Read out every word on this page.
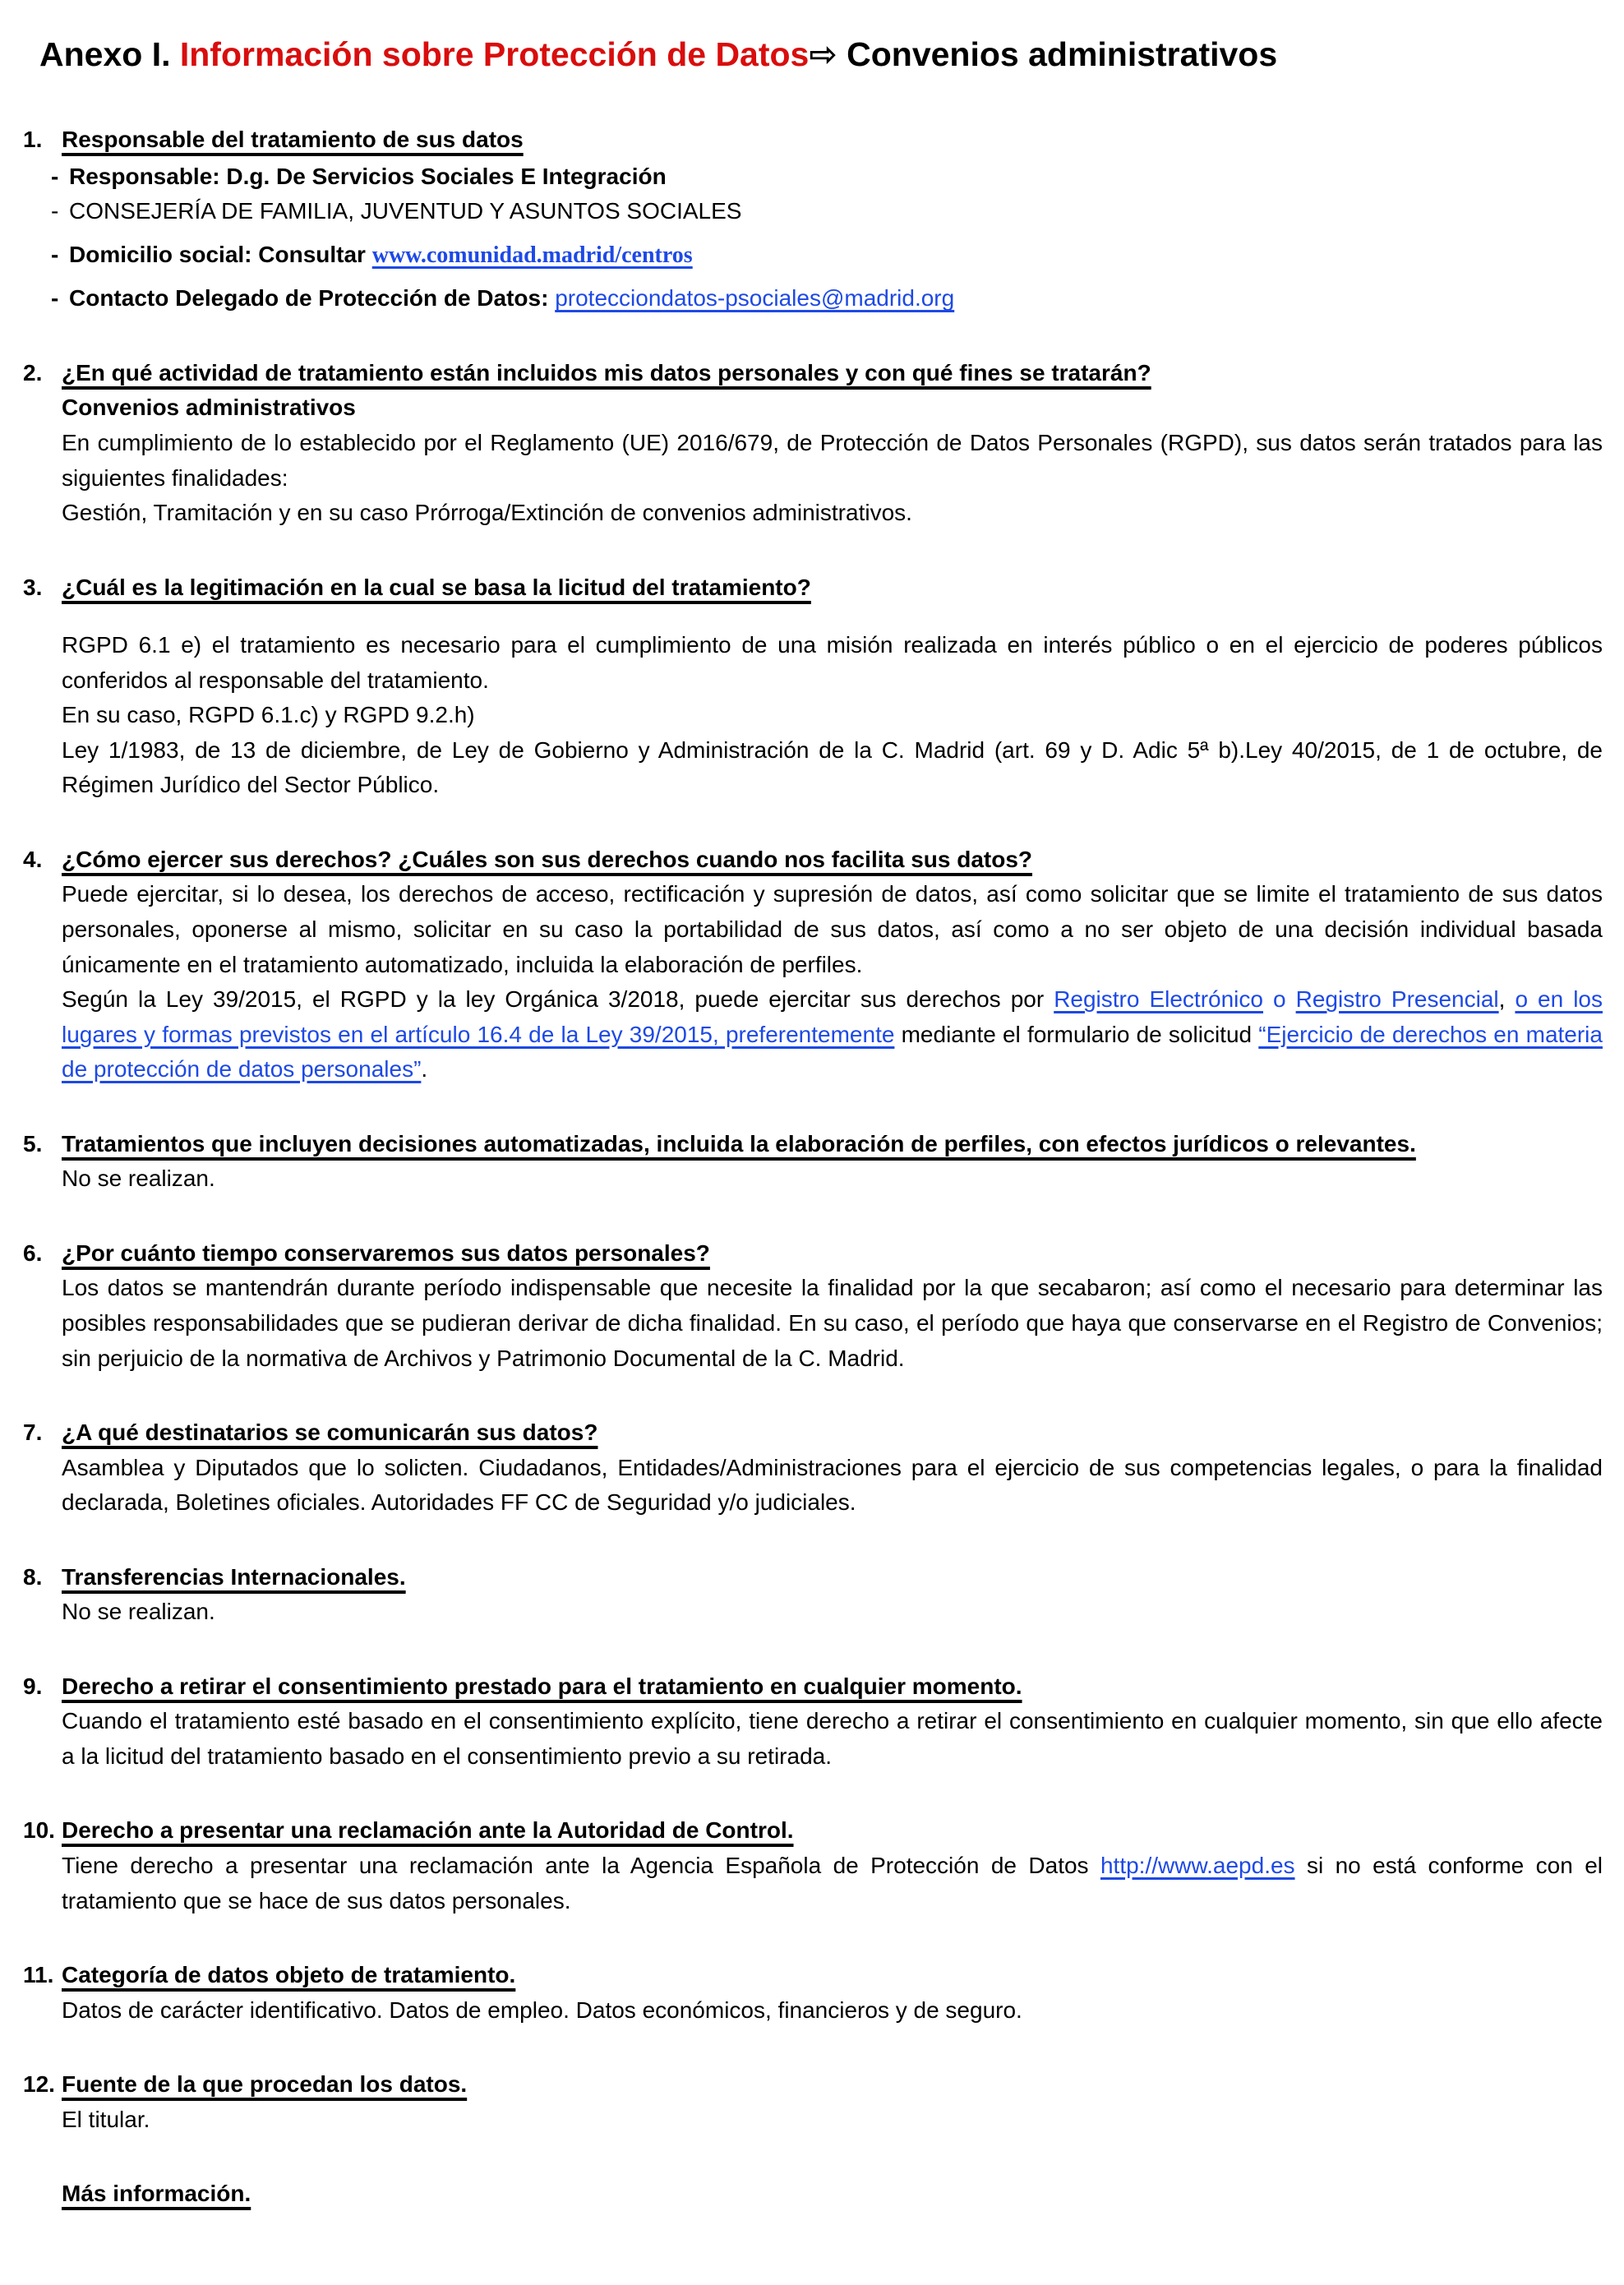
Anexo I. Información sobre Protección de Datos⇨ Convenios administrativos
1. Responsable del tratamiento de sus datos
- Responsable: D.g. De Servicios Sociales E Integración
- CONSEJERÍA DE FAMILIA, JUVENTUD Y ASUNTOS SOCIALES
- Domicilio social: Consultar www.comunidad.madrid/centros
- Contacto Delegado de Protección de Datos: protecciondatos-psociales@madrid.org
2. ¿En qué actividad de tratamiento están incluidos mis datos personales y con qué fines se tratarán?
Convenios administrativos
En cumplimiento de lo establecido por el Reglamento (UE) 2016/679, de Protección de Datos Personales (RGPD), sus datos serán tratados para las siguientes finalidades:
Gestión, Tramitación y en su caso Prórroga/Extinción de convenios administrativos.
3. ¿Cuál es la legitimación en la cual se basa la licitud del tratamiento?
RGPD 6.1 e) el tratamiento es necesario para el cumplimiento de una misión realizada en interés público o en el ejercicio de poderes públicos conferidos al responsable del tratamiento.
En su caso, RGPD 6.1.c) y RGPD 9.2.h)
Ley 1/1983, de 13 de diciembre, de Ley de Gobierno y Administración de la C. Madrid (art. 69 y D. Adic 5ª b).Ley 40/2015, de 1 de octubre, de Régimen Jurídico del Sector Público.
4. ¿Cómo ejercer sus derechos? ¿Cuáles son sus derechos cuando nos facilita sus datos?
Puede ejercitar, si lo desea, los derechos de acceso, rectificación y supresión de datos, así como solicitar que se limite el tratamiento de sus datos personales, oponerse al mismo, solicitar en su caso la portabilidad de sus datos, así como a no ser objeto de una decisión individual basada únicamente en el tratamiento automatizado, incluida la elaboración de perfiles.
Según la Ley 39/2015, el RGPD y la ley Orgánica 3/2018, puede ejercitar sus derechos por Registro Electrónico o Registro Presencial, o en los lugares y formas previstos en el artículo 16.4 de la Ley 39/2015, preferentemente mediante el formulario de solicitud “Ejercicio de derechos en materia de protección de datos personales”.
5. Tratamientos que incluyen decisiones automatizadas, incluida la elaboración de perfiles, con efectos jurídicos o relevantes.
No se realizan.
6. ¿Por cuánto tiempo conservaremos sus datos personales?
Los datos se mantendrán durante período indispensable que necesite la finalidad por la que secabaron; así como el necesario para determinar las posibles responsabilidades que se pudieran derivar de dicha finalidad. En su caso, el período que haya que conservarse en el Registro de Convenios; sin perjuicio de la normativa de Archivos y Patrimonio Documental de la C. Madrid.
7. ¿A qué destinatarios se comunicarán sus datos?
Asamblea y Diputados que lo solicten. Ciudadanos, Entidades/Administraciones para el ejercicio de sus competencias legales, o para la finalidad declarada, Boletines oficiales. Autoridades FF CC de Seguridad y/o judiciales.
8. Transferencias Internacionales.
No se realizan.
9. Derecho a retirar el consentimiento prestado para el tratamiento en cualquier momento.
Cuando el tratamiento esté basado en el consentimiento explícito, tiene derecho a retirar el consentimiento en cualquier momento, sin que ello afecte a la licitud del tratamiento basado en el consentimiento previo a su retirada.
10. Derecho a presentar una reclamación ante la Autoridad de Control.
Tiene derecho a presentar una reclamación ante la Agencia Española de Protección de Datos http://www.aepd.es si no está conforme con el tratamiento que se hace de sus datos personales.
11. Categoría de datos objeto de tratamiento.
Datos de carácter identificativo. Datos de empleo. Datos económicos, financieros y de seguro.
12. Fuente de la que procedan los datos.
El titular.
Más información.
